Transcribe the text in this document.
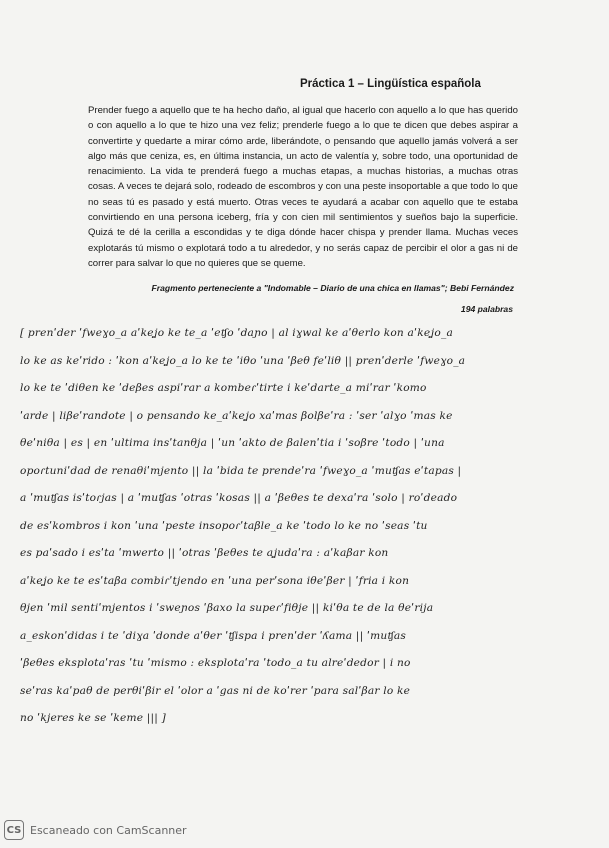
Práctica 1 – Lingüística española
Prender fuego a aquello que te ha hecho daño, al igual que hacerlo con aquello a lo que has querido o con aquello a lo que te hizo una vez feliz; prenderle fuego a lo que te dicen que debes aspirar a convertirte y quedarte a mirar cómo arde, liberándote, o pensando que aquello jamás volverá a ser algo más que ceniza, es, en última instancia, un acto de valentía y, sobre todo, una oportunidad de renacimiento. La vida te prenderá fuego a muchas etapas, a muchas historias, a muchas otras cosas. A veces te dejará solo, rodeado de escombros y con una peste insoportable a que todo lo que no seas tú es pasado y está muerto. Otras veces te ayudará a acabar con aquello que te estaba convirtiendo en una persona iceberg, fría y con cien mil sentimientos y sueños bajo la superficie. Quizá te dé la cerilla a escondidas y te diga dónde hacer chispa y prender llama. Muchas veces explotarás tú mismo o explotará todo a tu alrededor, y no serás capaz de percibir el olor a gas ni de correr para salvar lo que no quieres que se queme.
Fragmento perteneciente a "Indomable – Diario de una chica en llamas"; Bebi Fernández
194 palabras
[ prenˈder ˈfweɣo_a aˈkeʝo ke te_a ˈeʧo ˈdaɲo | al iɣwal ke aˈθerlo kon aˈkeʝo_a
lo ke as keˈrido : ˈkon aˈkeʝo_a lo ke te ˈiθo ˈuna ˈβeθ feˈliθ || prenˈderle ˈfweɣo_a
lo ke te ˈdiθen ke ˈdeβes aspiˈrar a kombeɾˈtirte i keˈdarte_a miˈrar ˈkomo
ˈarde | liβeˈrandote | o pensando ke_aˈkeʝo xaˈmas βolβeˈra : ˈser ˈalɣo ˈmas ke
θeˈniθa | es | en ˈultima insˈtanθja | ˈun ˈakto de βalenˈtia i ˈsoβre ˈtodo | ˈuna
opoɾtuniˈdad de renaθiˈmjento || la ˈbida te prendeˈra ˈfweɣo_a ˈmuʧas eˈtapas |
a ˈmuʧas isˈtoɾjas | a ˈmuʧas ˈotras ˈkosas || a ˈβeθes te dexaˈra ˈsolo | roˈdeado
de esˈkombros i kon ˈuna ˈpeste insopoɾˈtaβle_a ke ˈtodo lo ke no ˈseas ˈtu
es paˈsado i esˈta ˈmwerto || ˈotras ˈβeθes te aʝudaˈra : aˈkaβar kon
aˈkeʝo ke te esˈtaβa combiɾˈtjendo en ˈuna perˈsona iθeˈβer | ˈfria i kon
θjen ˈmil sentiˈmjentos i ˈsweɲos ˈβaxo la supeɾˈfiθje || kiˈθa te de la θeˈrija
a_eskonˈdidas i te ˈdiɣa ˈdonde aˈθer ˈʧispa i prenˈder ˈʎama || ˈmuʧas
ˈβeθes eksplotaˈras ˈtu ˈmismo : eksplotaˈra ˈtodo_a tu alreˈdedor | i no
seˈras kaˈpaθ de perθiˈβir el ˈolor a ˈgas ni de koˈrer ˈpara salˈβar lo ke
no ˈkjeres ke se ˈkeme ||| ]
CS Escaneado con CamScanner
